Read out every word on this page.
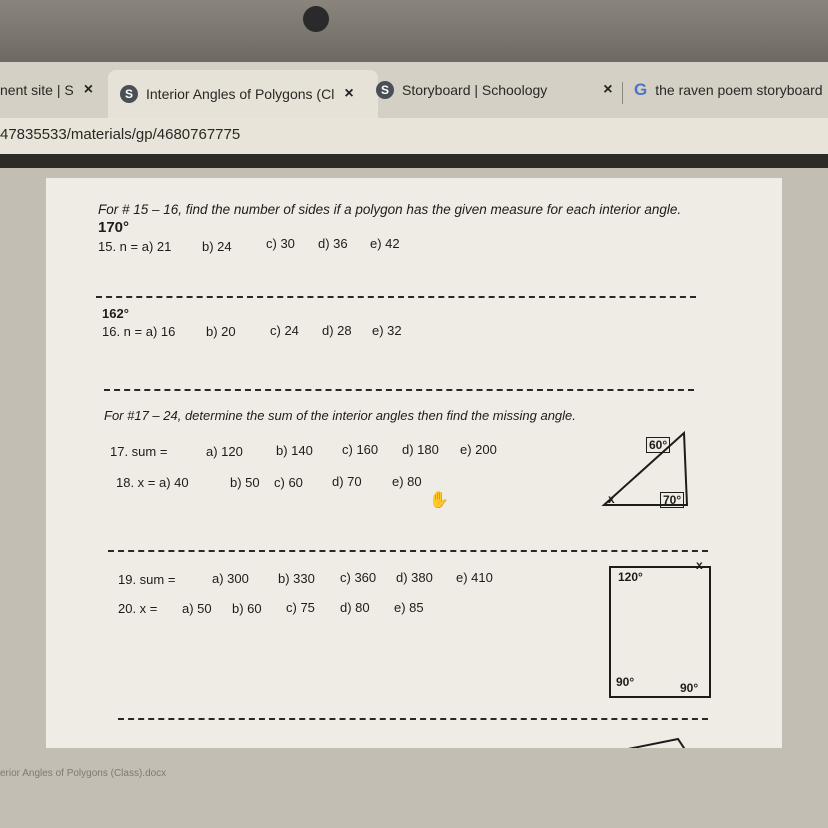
nent site | S ×	S Interior Angles of Polygons (Cl ×	S Storyboard | Schoology	× G the raven poem storyboard
47835533/materials/gp/4680767775
For # 15 – 16, find the number of sides if a polygon has the given measure for each interior angle.
170°
15. n = a) 21 b) 24	c) 30 d) 36 e) 42
162°
16. n = a) 16 b) 20	c) 24 d) 28 e) 32
For #17 – 24, determine the sum of the interior angles then find the missing angle.
17. sum =	a) 120	b) 140 c) 160 d) 180 e) 200
18. x = a) 40	b) 50 c) 60 d) 70 e) 80
✋
60°
x	70°
19. sum =	a) 300 b) 330 c) 360 d) 380 e) 410
20. x = a) 50 b) 60 c) 75 d) 80 e) 85
120°
x
90°	90°
erior Angles of Polygons (Class).docx
